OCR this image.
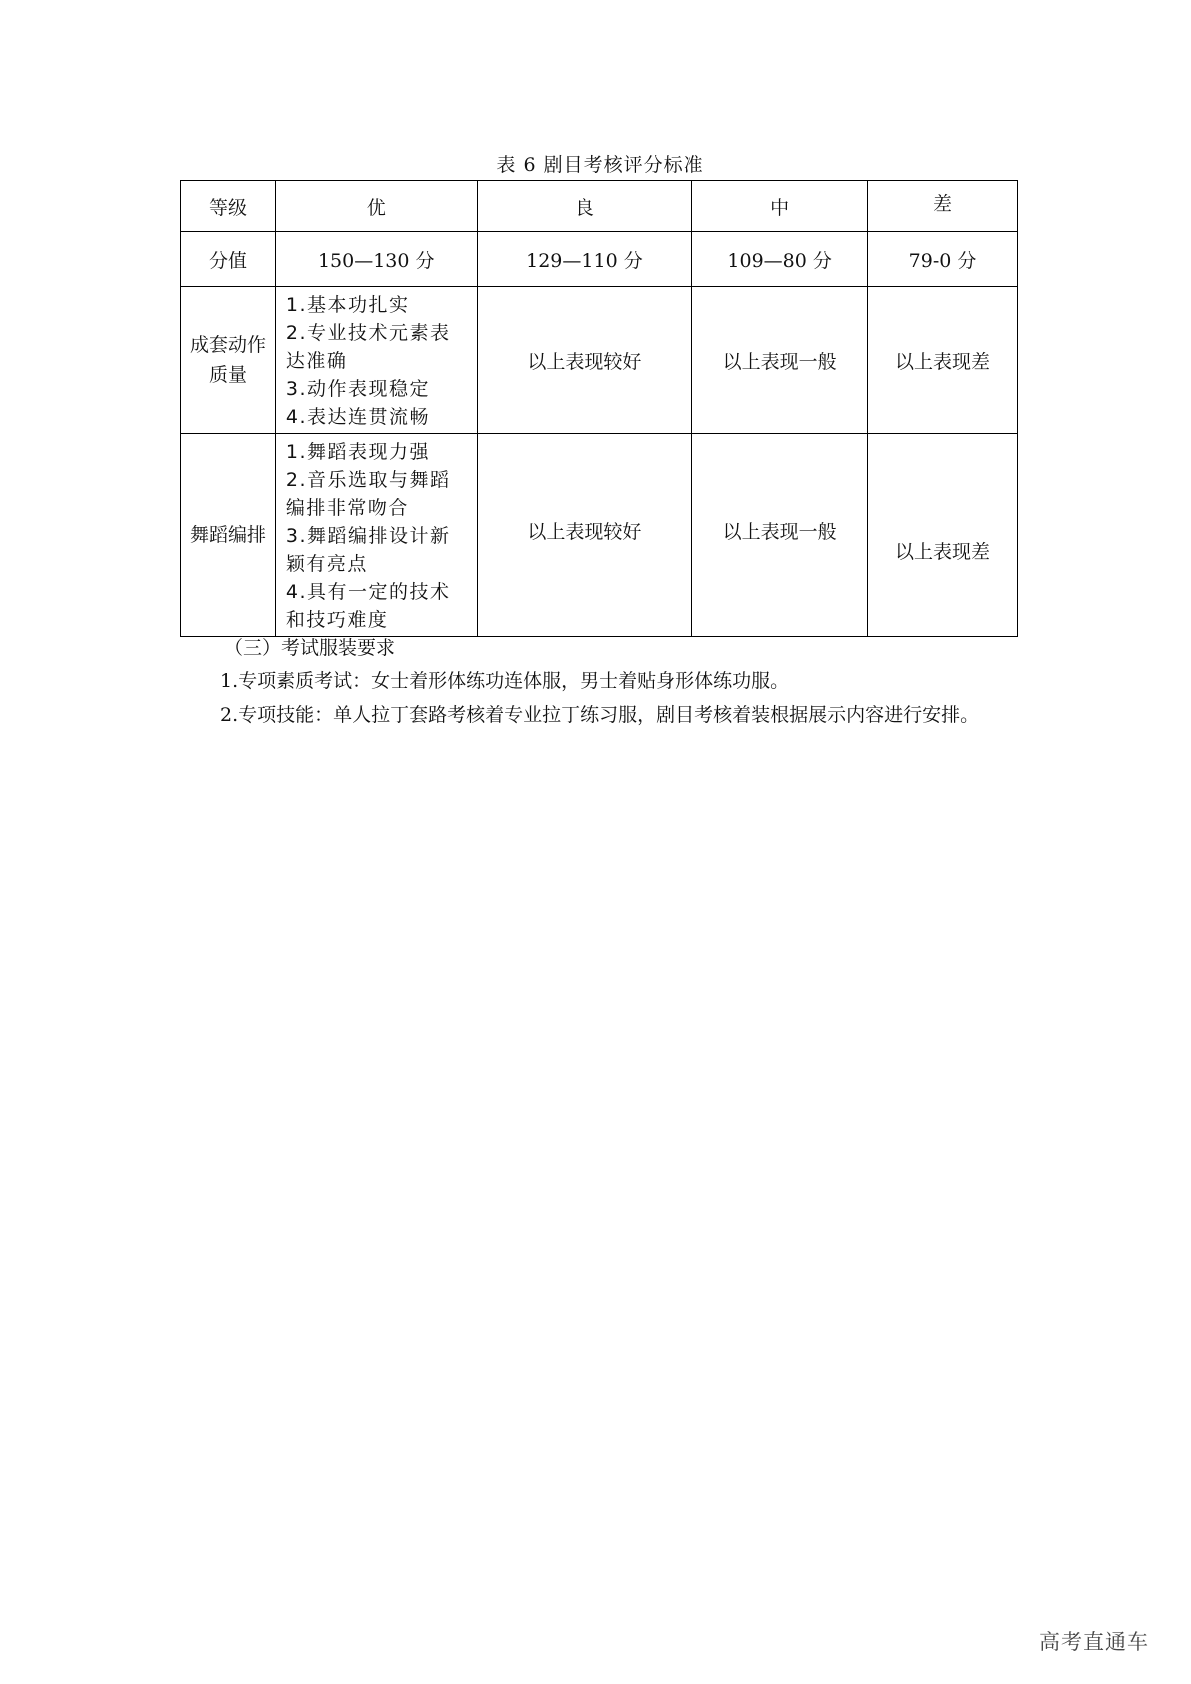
表 6 剧目考核评分标准
等级	优	良	中	差
分值	150—130 分	129—110 分	109—80 分	79-0 分
成套动作质量	1.基本功扎实
2.专业技术元素表达准确
3.动作表现稳定
4.表达连贯流畅	以上表现较好	以上表现一般	以上表现差
舞蹈编排	1.舞蹈表现力强
2.音乐选取与舞蹈编排非常吻合
3.舞蹈编排设计新颖有亮点
4.具有一定的技术和技巧难度	以上表现较好	以上表现一般	以上表现差
（三）考试服装要求
1.专项素质考试：女士着形体练功连体服，男士着贴身形体练功服。
2.专项技能：单人拉丁套路考核着专业拉丁练习服，剧目考核着装根据展示内容进行安排。
高考直通车
